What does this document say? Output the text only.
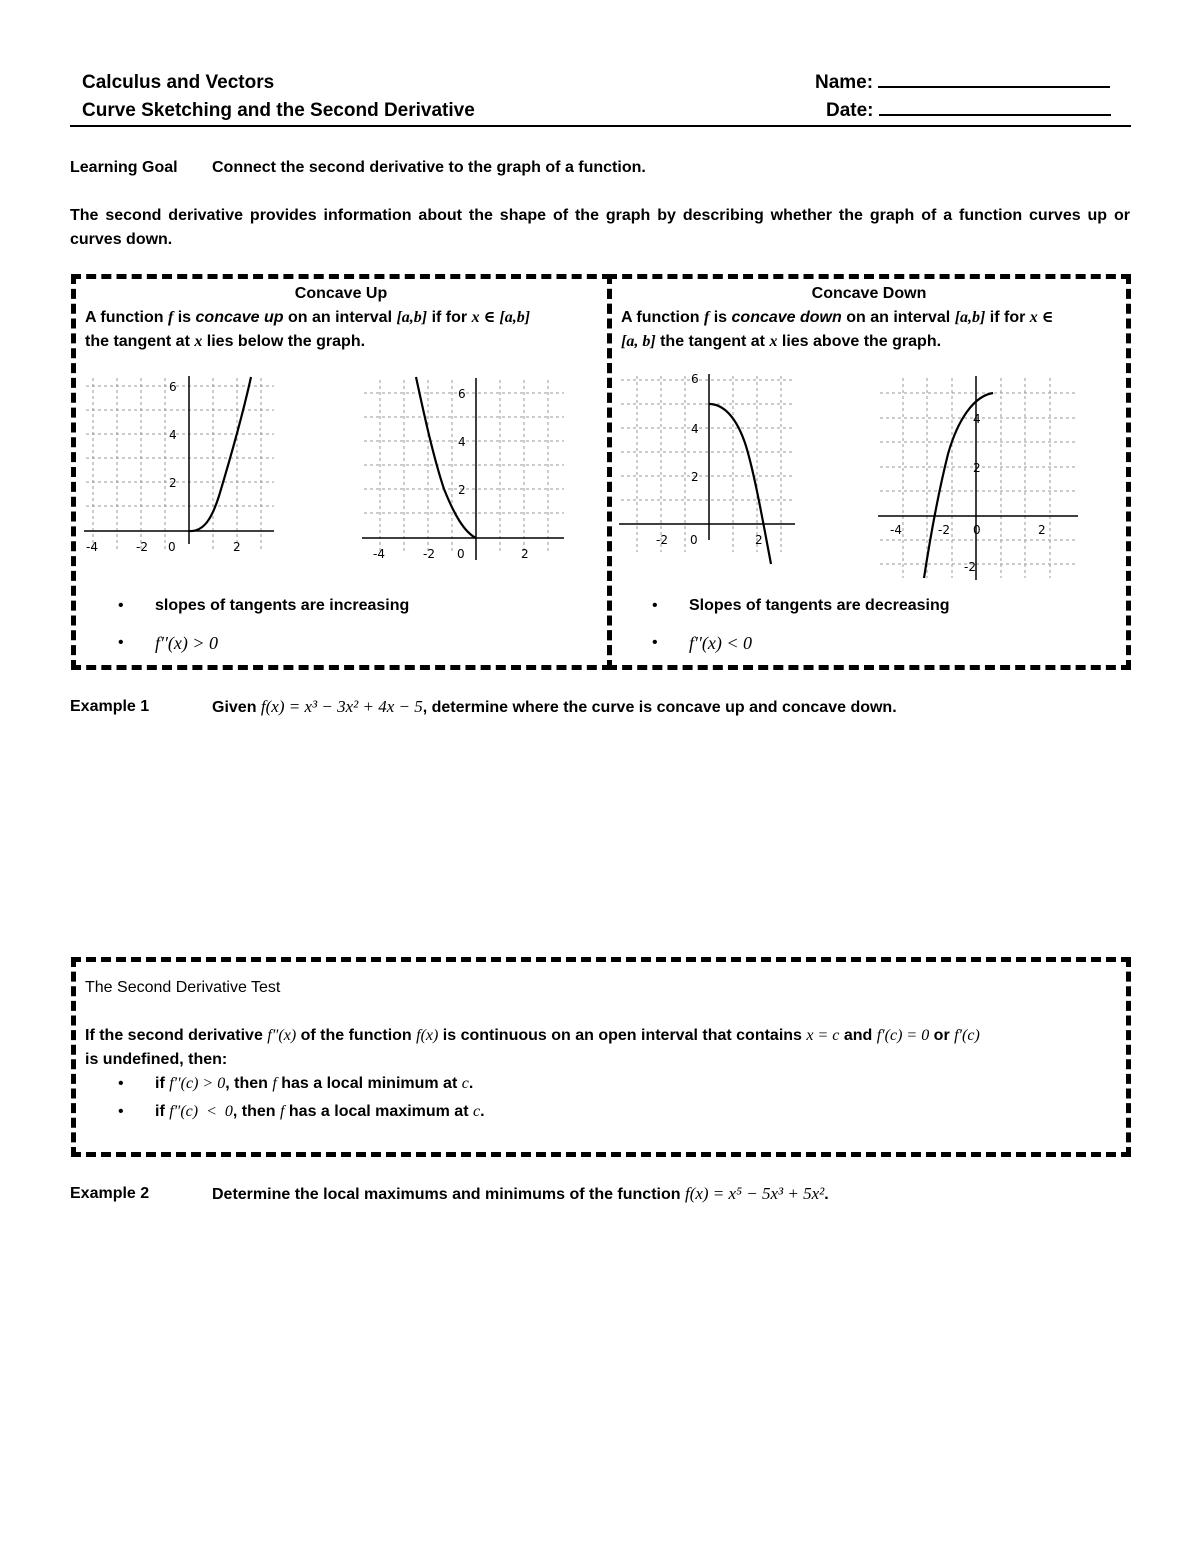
Calculus and Vectors
Curve Sketching and the Second Derivative
Name:
Date:
Learning Goal Connect the second derivative to the graph of a function.
The second derivative provides information about the shape of the graph by describing whether the graph of a function curves up or curves down.
Concave Up
A function f is concave up on an interval [a,b] if for x ∈ [a,b]
the tangent at x lies below the graph.
Concave Down
A function f is concave down on an interval [a,b] if for x ∈
[a, b] the tangent at x lies above the graph.
-4	-2 0	2
2
4
6
-4	-2 0	2
2
4
6
-2 0	2
2
4
6
-4	-2 0	2
-2
2
4
• slopes of tangents are increasing
• f′′(x) > 0
• Slopes of tangents are decreasing
• f′′(x) < 0
Example 1	Given f(x) = x³ − 3x² + 4x − 5, determine where the curve is concave up and concave down.
The Second Derivative Test
If the second derivative f″(x) of the function f(x) is continuous on an open interval that contains x = c and f′(c) = 0 or f′(c)
is undefined, then:
• if f′′(c) > 0, then f has a local minimum at c.
• if f″(c)  <  0, then f has a local maximum at c.
Example 2	Determine the local maximums and minimums of the function f(x) = x⁵ − 5x³ + 5x².
